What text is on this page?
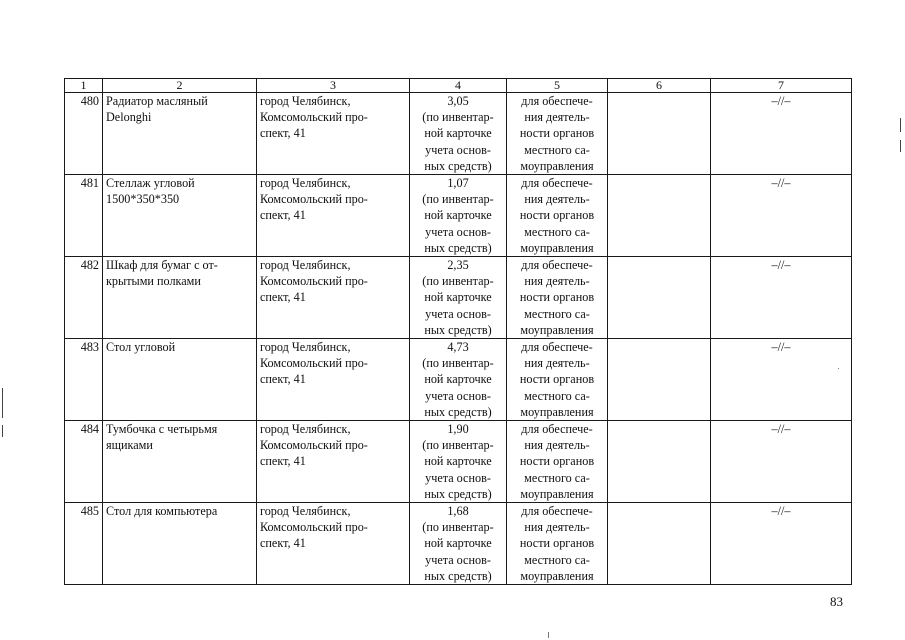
1	2	3	4	5	6	7
480	Радиатор масляный
Delonghi	город Челябинск,
Комсомольский про-
спект, 41	3,05
(по инвентар-
ной карточке
учета основ-
ных средств)	для обеспече-
ния деятель-
ности органов
местного са-
моуправления		–//–
481	Стеллаж угловой
1500*350*350	город Челябинск,
Комсомольский про-
спект, 41	1,07
(по инвентар-
ной карточке
учета основ-
ных средств)	для обеспече-
ния деятель-
ности органов
местного са-
моуправления		–//–
482	Шкаф для бумаг с от-
крытыми полками	город Челябинск,
Комсомольский про-
спект, 41	2,35
(по инвентар-
ной карточке
учета основ-
ных средств)	для обеспече-
ния деятель-
ности органов
местного са-
моуправления		–//–
483	Стол угловой	город Челябинск,
Комсомольский про-
спект, 41	4,73
(по инвентар-
ной карточке
учета основ-
ных средств)	для обеспече-
ния деятель-
ности органов
местного са-
моуправления		–//–
484	Тумбочка с четырьмя
ящиками	город Челябинск,
Комсомольский про-
спект, 41	1,90
(по инвентар-
ной карточке
учета основ-
ных средств)	для обеспече-
ния деятель-
ности органов
местного са-
моуправления		–//–
485	Стол для компьютера	город Челябинск,
Комсомольский про-
спект, 41	1,68
(по инвентар-
ной карточке
учета основ-
ных средств)	для обеспече-
ния деятель-
ности органов
местного са-
моуправления		–//–
83
